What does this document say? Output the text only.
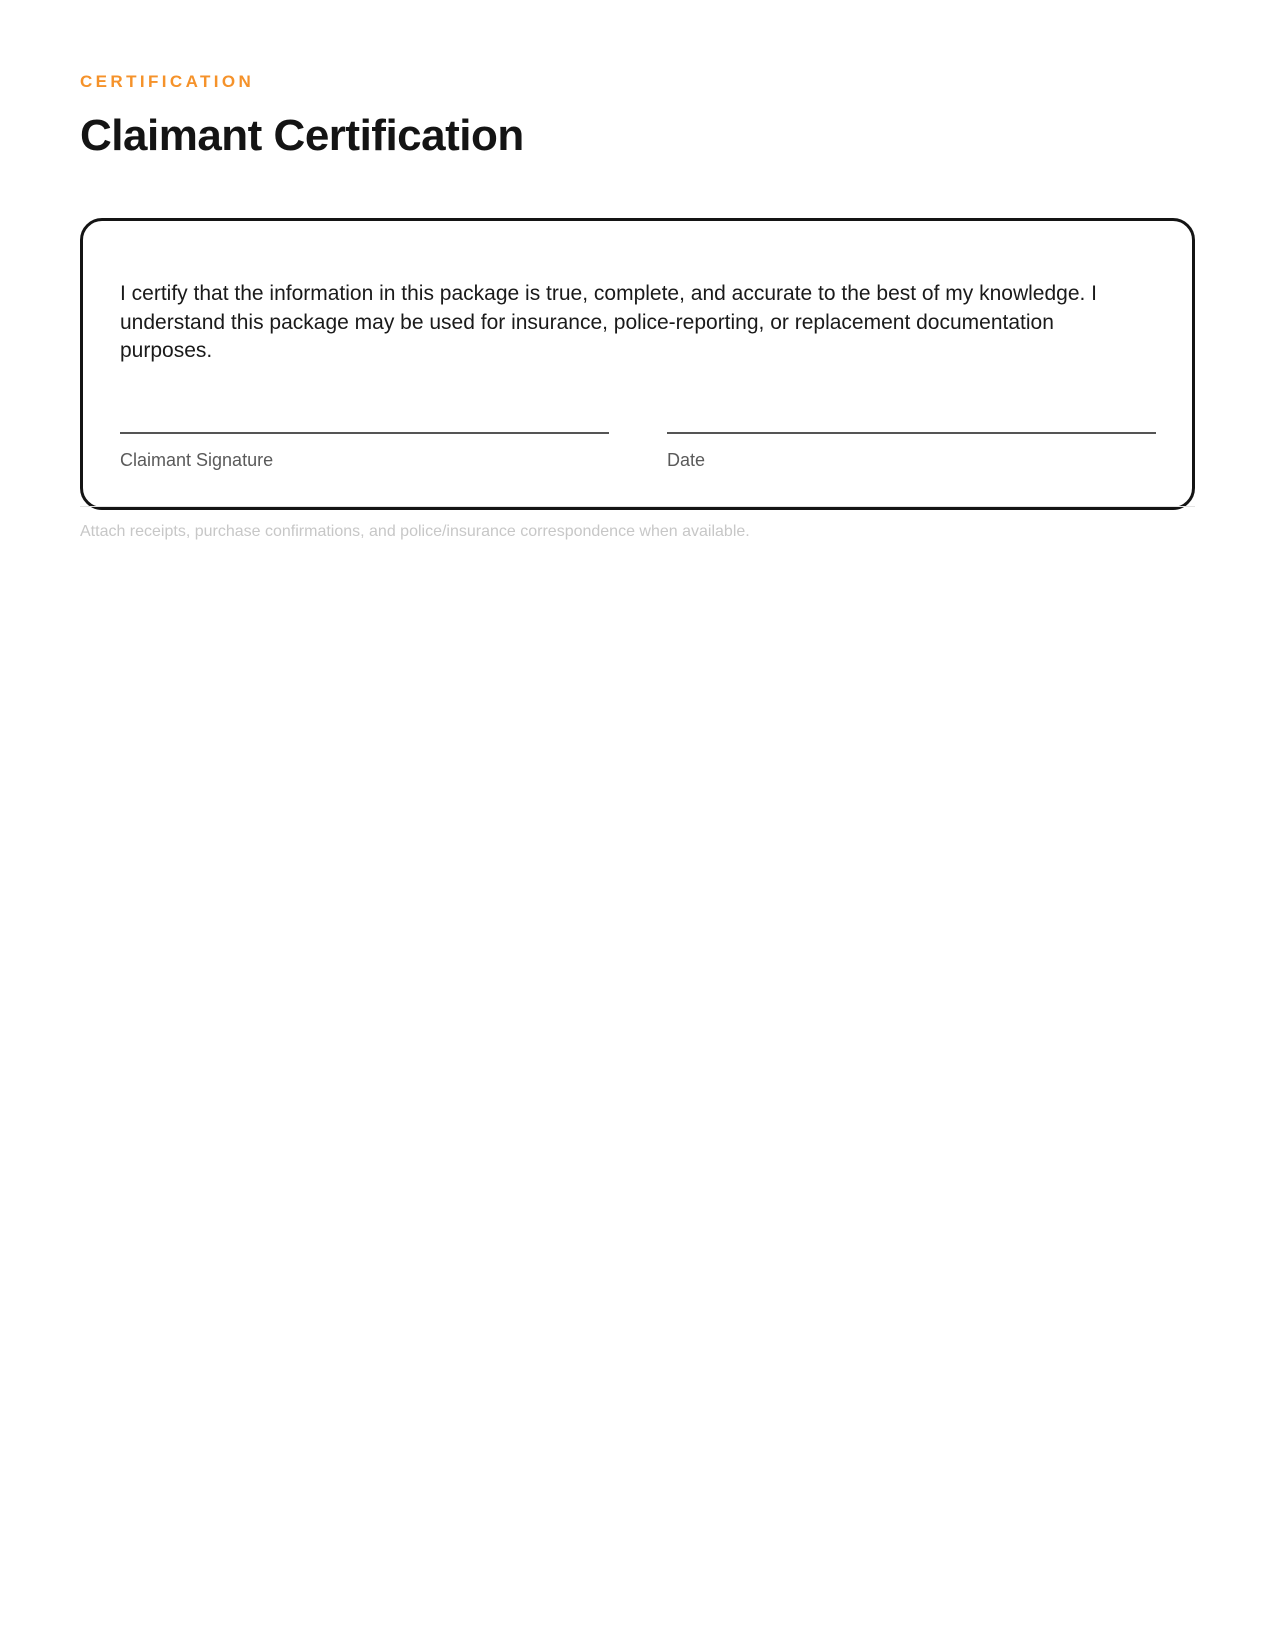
CERTIFICATION
Claimant Certification

I certify that the information in this package is true, complete, and accurate to the best of my knowledge. I understand this package may be used for insurance, police-reporting, or replacement documentation purposes.

Claimant Signature	Date
Attach receipts, purchase confirmations, and police/insurance correspondence when available.
